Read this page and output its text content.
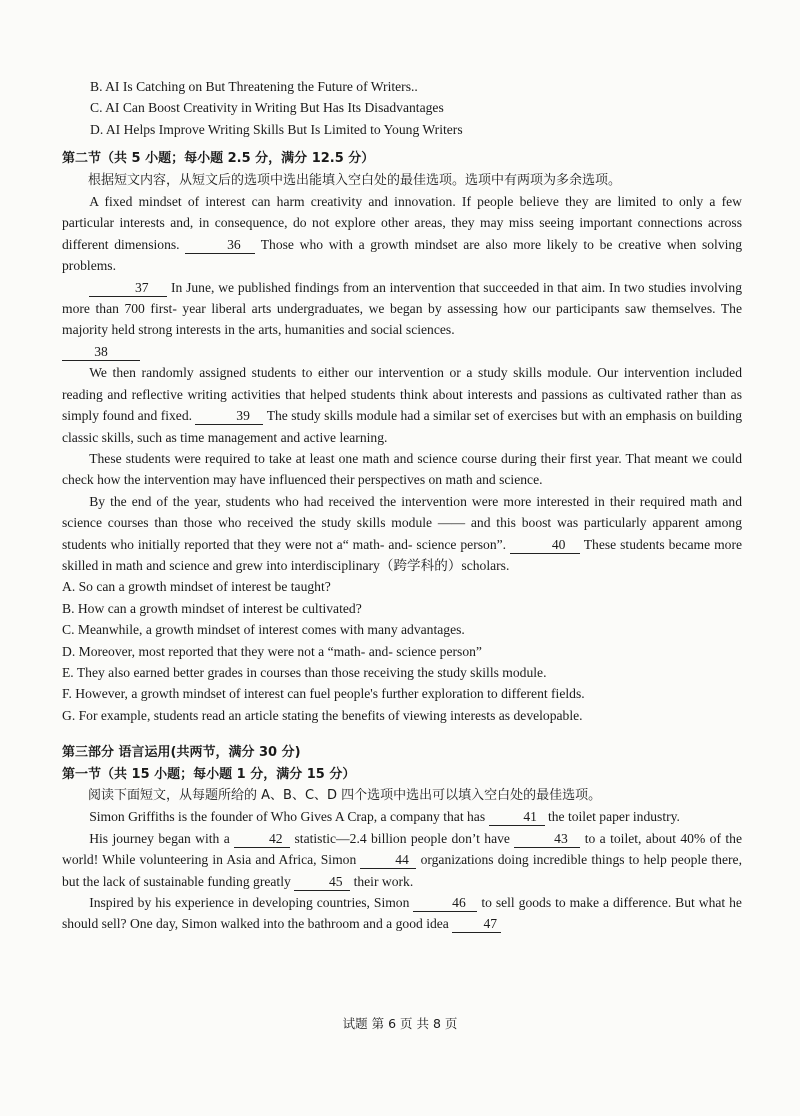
B. AI Is Catching on But Threatening the Future of Writers..

C. AI Can Boost Creativity in Writing But Has Its Disadvantages

D. AI Helps Improve Writing Skills But Is Limited to Young Writers

第二节（共 5 小题；每小题 2.5 分，满分 12.5 分）

根据短文内容，从短文后的选项中选出能填入空白处的最佳选项。选项中有两项为多余选项。

A fixed mindset of interest can harm creativity and innovation. If people believe they are limited to only a few particular interests and, in consequence, do not explore other areas, they may miss seeing important connections across different dimensions.	36 Those who with a growth mindset are also more likely to be creative when solving problems.

37 In June, we published findings from an intervention that succeeded in that aim. In two studies involving more than 700 first- year liberal arts undergraduates, we began by assessing how our participants saw themselves. The majority held strong interests in the arts, humanities and social sciences.

38

We then randomly assigned students to either our intervention or a study skills module. Our intervention included reading and reflective writing activities that helped students think about interests and passions as cultivated rather than as simply found and fixed.	39 The study skills module had a similar set of exercises but with an emphasis on building classic skills, such as time management and active learning.

These students were required to take at least one math and science course during their first year. That meant we could check how the intervention may have influenced their perspectives on math and science.

By the end of the year, students who had received the intervention were more interested in their required math and science courses than those who received the study skills module —— and this boost was particularly apparent among students who initially reported that they were not a“ math- and- science person”.	40 These students became more skilled in math and science and grew into interdisciplinary（跨学科的）scholars.

A. So can a growth mindset of interest be taught?

B. How can a growth mindset of interest be cultivated?

C. Meanwhile, a growth mindset of interest comes with many advantages.

D. Moreover, most reported that they were not a “math- and- science person”

E. They also earned better grades in courses than those receiving the study skills module.

F. However, a growth mindset of interest can fuel people's further exploration to different fields.

G. For example, students read an article stating the benefits of viewing interests as developable.

第三部分 语言运用(共两节，满分 30 分)
第一节（共 15 小题；每小题 1 分，满分 15 分）

阅读下面短文，从每题所给的 A、B、C、D 四个选项中选出可以填入空白处的最佳选项。

Simon Griffiths is the founder of Who Gives A Crap, a company that has	41 the toilet paper industry.

His journey began with a	42 statistic—2.4 billion people don’t have	43 to a toilet, about 40% of the world! While volunteering in Asia and Africa, Simon	44 organizations doing incredible things to help people there, but the lack of sustainable funding greatly	45 their work.

Inspired by his experience in developing countries, Simon	46 to sell goods to make a difference. But what he should sell? One day, Simon walked into the bathroom and a good idea	47

试题 第 6 页 共 8 页
